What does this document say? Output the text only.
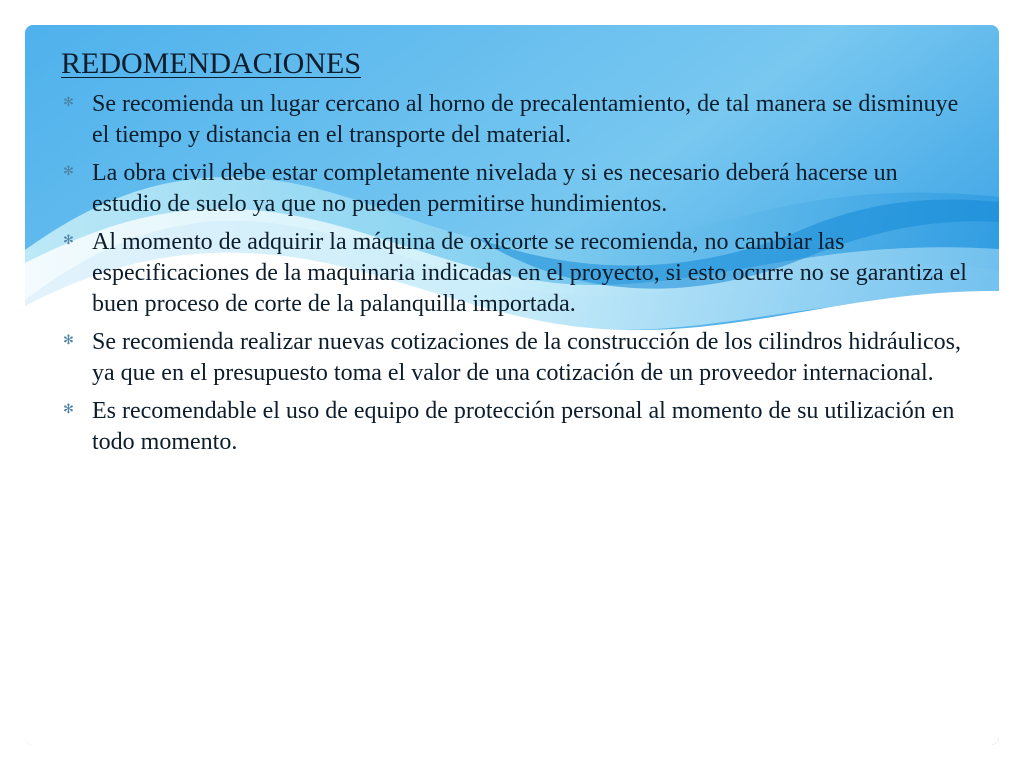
REDOMENDACIONES
✻ Se recomienda un lugar cercano al horno de precalentamiento, de tal manera se disminuye el tiempo y distancia en el transporte del material.
✻ La obra civil debe estar completamente nivelada y si es necesario deberá hacerse un estudio de suelo ya que no pueden permitirse hundimientos.
✻ Al momento de adquirir la máquina de oxicorte se recomienda, no cambiar las especificaciones de la maquinaria indicadas en el proyecto, si esto ocurre no se garantiza el buen proceso de corte de la palanquilla importada.
✻ Se recomienda realizar nuevas cotizaciones de la construcción de los cilindros hidráulicos, ya que en el presupuesto toma el valor de una cotización de un proveedor internacional.
✻ Es recomendable el uso de equipo de protección personal al momento de su utilización en todo momento.
